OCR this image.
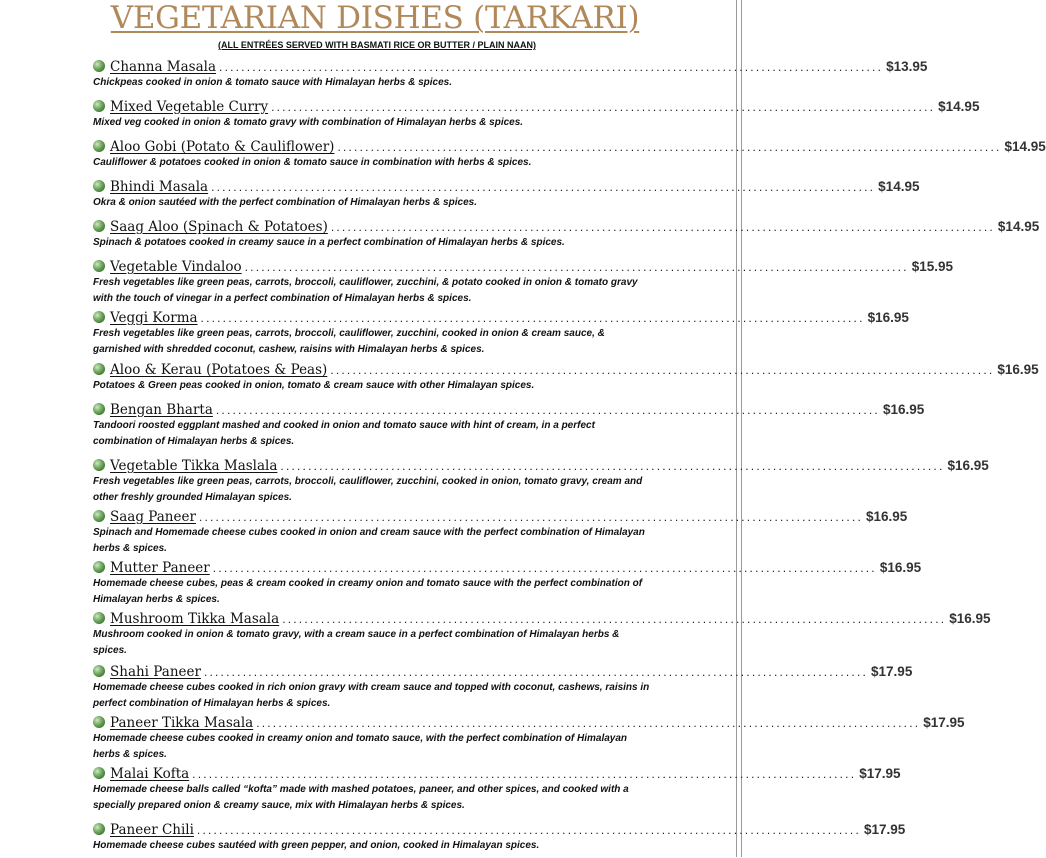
VEGETARIAN DISHES (TARKARI)
(ALL ENTRÉES SERVED WITH BASMATI RICE OR BUTTER / PLAIN NAAN)
Channa Masala ........................................................................................................................ $13.95
Chickpeas cooked in onion & tomato sauce with Himalayan herbs & spices.
Mixed Vegetable Curry ........................................................................................................................ $14.95
Mixed veg cooked in onion & tomato gravy with combination of Himalayan herbs & spices.
Aloo Gobi (Potato & Cauliflower) ........................................................................................................................ $14.95
Cauliflower & potatoes cooked in onion & tomato sauce in combination with herbs & spices.
Bhindi Masala ........................................................................................................................ $14.95
Okra & onion sautéed with the perfect combination of Himalayan herbs & spices.
Saag Aloo (Spinach & Potatoes) ........................................................................................................................ $14.95
Spinach & potatoes cooked in creamy sauce in a perfect combination of Himalayan herbs & spices.
Vegetable Vindaloo ........................................................................................................................ $15.95
Fresh vegetables like green peas, carrots, broccoli, cauliflower, zucchini, & potato cooked in onion & tomato gravy with the touch of vinegar in a perfect combination of Himalayan herbs & spices.
Veggi Korma ........................................................................................................................ $16.95
Fresh vegetables like green peas, carrots, broccoli, cauliflower, zucchini, cooked in onion & cream sauce, & garnished with shredded coconut, cashew, raisins with Himalayan herbs & spices.
Aloo & Kerau (Potatoes & Peas) ........................................................................................................................ $16.95
Potatoes & Green peas cooked in onion, tomato & cream sauce with other Himalayan spices.
Bengan Bharta ........................................................................................................................ $16.95
Tandoori roosted eggplant mashed and cooked in onion and tomato sauce with hint of cream, in a perfect combination of Himalayan herbs & spices.
Vegetable Tikka Maslala ........................................................................................................................ $16.95
Fresh vegetables like green peas, carrots, broccoli, cauliflower, zucchini, cooked in onion, tomato gravy, cream and other freshly grounded Himalayan spices.
Saag Paneer ........................................................................................................................ $16.95
Spinach and Homemade cheese cubes cooked in onion and cream sauce with the perfect combination of Himalayan herbs & spices.
Mutter Paneer ........................................................................................................................ $16.95
Homemade cheese cubes, peas & cream cooked in creamy onion and tomato sauce with the perfect combination of Himalayan herbs & spices.
Mushroom Tikka Masala ........................................................................................................................ $16.95
Mushroom cooked in onion & tomato gravy, with a cream sauce in a perfect combination of Himalayan herbs & spices.
Shahi Paneer ........................................................................................................................ $17.95
Homemade cheese cubes cooked in rich onion gravy with cream sauce and topped with coconut, cashews, raisins in perfect combination of Himalayan herbs & spices.
Paneer Tikka Masala ........................................................................................................................ $17.95
Homemade cheese cubes cooked in creamy onion and tomato sauce, with the perfect combination of Himalayan herbs & spices.
Malai Kofta ........................................................................................................................ $17.95
Homemade cheese balls called “kofta” made with mashed potatoes, paneer, and other spices, and cooked with a specially prepared onion & creamy sauce, mix with Himalayan herbs & spices.
Paneer Chili ........................................................................................................................ $17.95
Homemade cheese cubes sautéed with green pepper, and onion, cooked in Himalayan spices.
